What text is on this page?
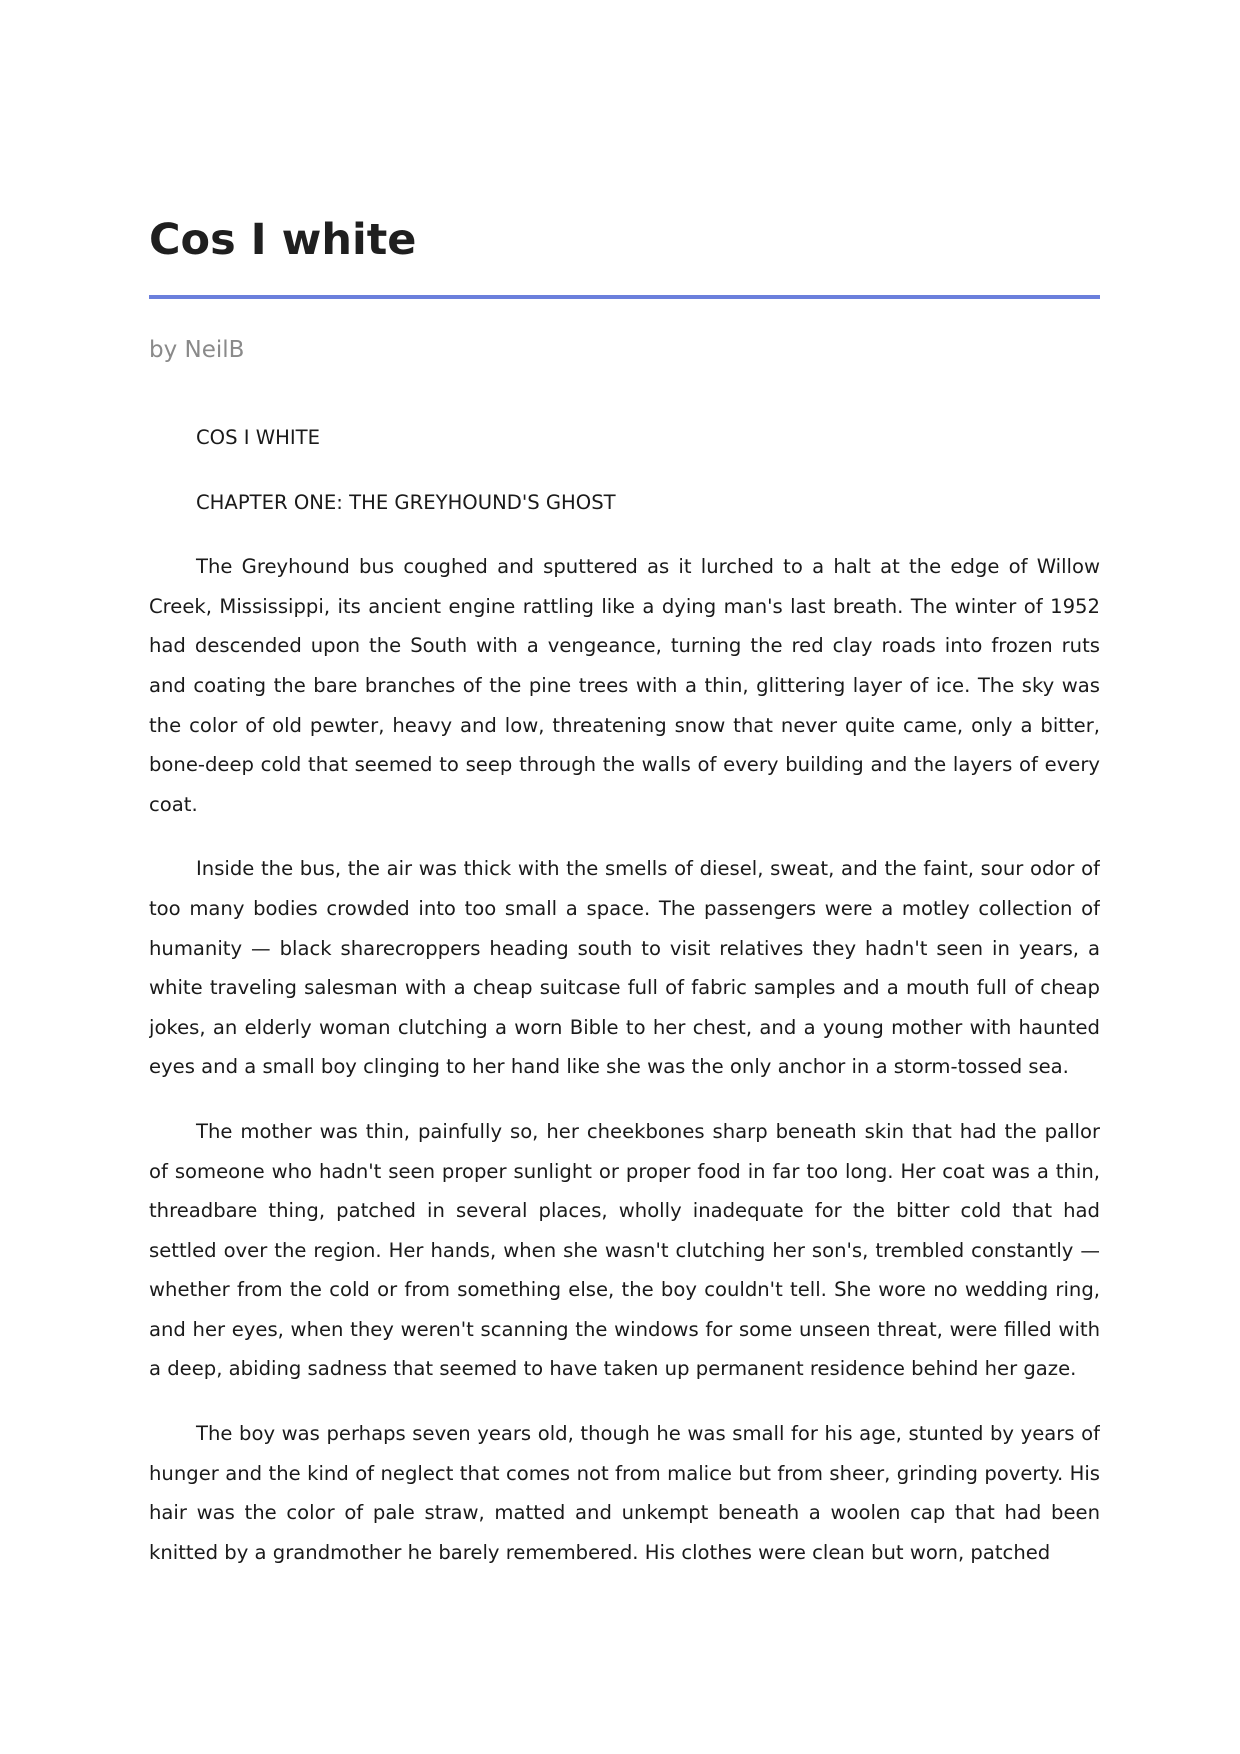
Cos I white
by NeilB

COS I WHITE

CHAPTER ONE: THE GREYHOUND'S GHOST

The Greyhound bus coughed and sputtered as it lurched to a halt at the edge of Willow Creek, Mississippi, its ancient engine rattling like a dying man's last breath. The winter of 1952 had descended upon the South with a vengeance, turning the red clay roads into frozen ruts and coating the bare branches of the pine trees with a thin, glittering layer of ice. The sky was the color of old pewter, heavy and low, threatening snow that never quite came, only a bitter, bone-deep cold that seemed to seep through the walls of every building and the layers of every coat.

Inside the bus, the air was thick with the smells of diesel, sweat, and the faint, sour odor of too many bodies crowded into too small a space. The passengers were a motley collection of humanity — black sharecroppers heading south to visit relatives they hadn't seen in years, a white traveling salesman with a cheap suitcase full of fabric samples and a mouth full of cheap jokes, an elderly woman clutching a worn Bible to her chest, and a young mother with haunted eyes and a small boy clinging to her hand like she was the only anchor in a storm-tossed sea.

The mother was thin, painfully so, her cheekbones sharp beneath skin that had the pallor of someone who hadn't seen proper sunlight or proper food in far too long. Her coat was a thin, threadbare thing, patched in several places, wholly inadequate for the bitter cold that had settled over the region. Her hands, when she wasn't clutching her son's, trembled constantly — whether from the cold or from something else, the boy couldn't tell. She wore no wedding ring, and her eyes, when they weren't scanning the windows for some unseen threat, were filled with a deep, abiding sadness that seemed to have taken up permanent residence behind her gaze.

The boy was perhaps seven years old, though he was small for his age, stunted by years of hunger and the kind of neglect that comes not from malice but from sheer, grinding poverty. His hair was the color of pale straw, matted and unkempt beneath a woolen cap that had been knitted by a grandmother he barely remembered. His clothes were clean but worn, patched
